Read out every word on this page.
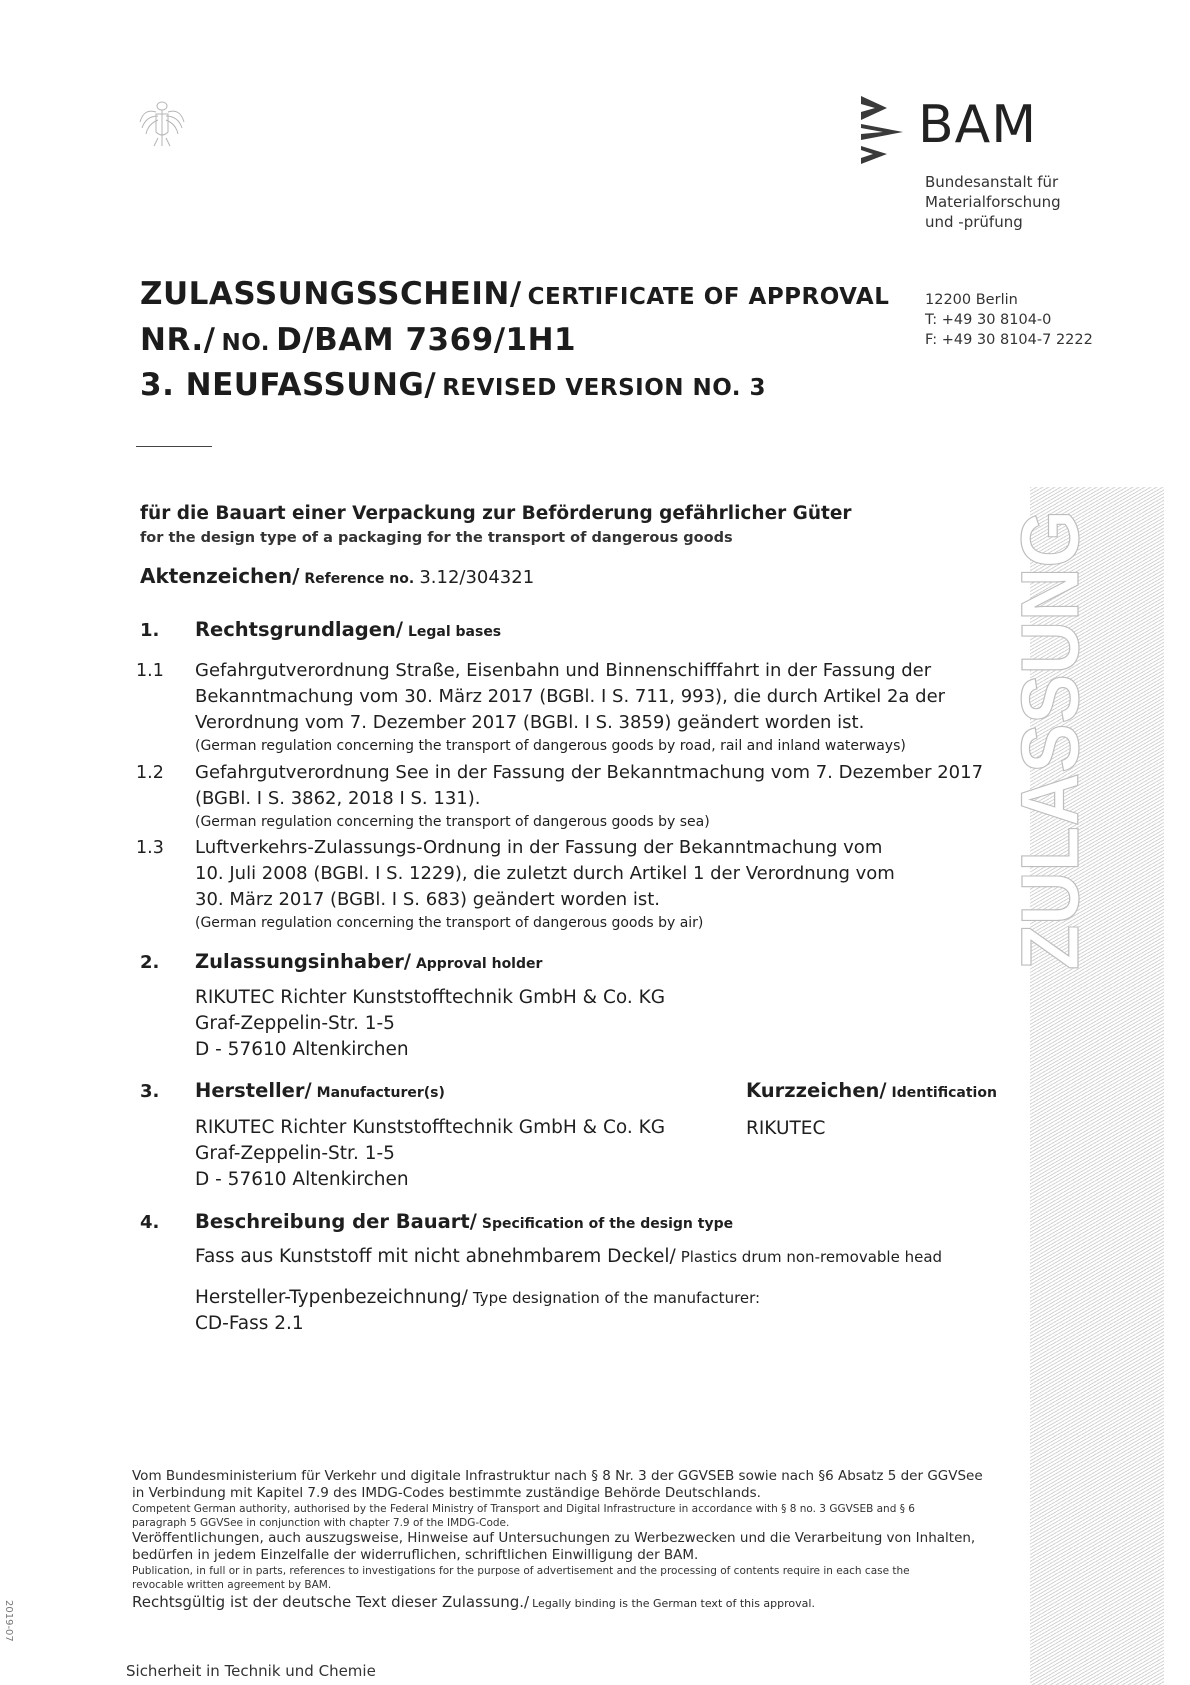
BAM
Bundesanstalt für
Materialforschung
und -prüfung
12200 Berlin
T: +49 30 8104-0
F: +49 30 8104-7 2222
ZULASSUNGSSCHEIN/ CERTIFICATE OF APPROVAL
NR./ NO. D/BAM 7369/1H1
3. NEUFASSUNG/ REVISED VERSION NO. 3
für die Bauart einer Verpackung zur Beförderung gefährlicher Güter
for the design type of a packaging for the transport of dangerous goods
Aktenzeichen/ Reference no. 3.12/304321
1. Rechtsgrundlagen/ Legal bases
1.1 Gefahrgutverordnung Straße, Eisenbahn und Binnenschifffahrt in der Fassung der
Bekanntmachung vom 30. März 2017 (BGBl. I S. 711, 993), die durch Artikel 2a der
Verordnung vom 7. Dezember 2017 (BGBl. I S. 3859) geändert worden ist.
(German regulation concerning the transport of dangerous goods by road, rail and inland waterways)
1.2 Gefahrgutverordnung See in der Fassung der Bekanntmachung vom 7. Dezember 2017
(BGBl. I S. 3862, 2018 I S. 131).
(German regulation concerning the transport of dangerous goods by sea)
1.3 Luftverkehrs-Zulassungs-Ordnung in der Fassung der Bekanntmachung vom
10. Juli 2008 (BGBl. I S. 1229), die zuletzt durch Artikel 1 der Verordnung vom
30. März 2017 (BGBl. I S. 683) geändert worden ist.
(German regulation concerning the transport of dangerous goods by air)
2. Zulassungsinhaber/ Approval holder
RIKUTEC Richter Kunststofftechnik GmbH & Co. KG
Graf-Zeppelin-Str. 1-5
D - 57610 Altenkirchen
3. Hersteller/ Manufacturer(s)	Kurzzeichen/ Identification
RIKUTEC Richter Kunststofftechnik GmbH & Co. KG
Graf-Zeppelin-Str. 1-5
D - 57610 Altenkirchen
RIKUTEC
4. Beschreibung der Bauart/ Specification of the design type
Fass aus Kunststoff mit nicht abnehmbarem Deckel/ Plastics drum non-removable head
Hersteller-Typenbezeichnung/ Type designation of the manufacturer:
CD-Fass 2.1
Vom Bundesministerium für Verkehr und digitale Infrastruktur nach § 8 Nr. 3 der GGVSEB sowie nach §6 Absatz 5 der GGVSee
in Verbindung mit Kapitel 7.9 des IMDG-Codes bestimmte zuständige Behörde Deutschlands.
Competent German authority, authorised by the Federal Ministry of Transport and Digital Infrastructure in accordance with § 8 no. 3 GGVSEB and § 6
paragraph 5 GGVSee in conjunction with chapter 7.9 of the IMDG-Code.
Veröffentlichungen, auch auszugsweise, Hinweise auf Untersuchungen zu Werbezwecken und die Verarbeitung von Inhalten,
bedürfen in jedem Einzelfalle der widerruflichen, schriftlichen Einwilligung der BAM.
Publication, in full or in parts, references to investigations for the purpose of advertisement and the processing of contents require in each case the
revocable written agreement by BAM.
Rechtsgültig ist der deutsche Text dieser Zulassung./ Legally binding is the German text of this approval.
Sicherheit in Technik und Chemie
2019-07
ZULASSUNG
